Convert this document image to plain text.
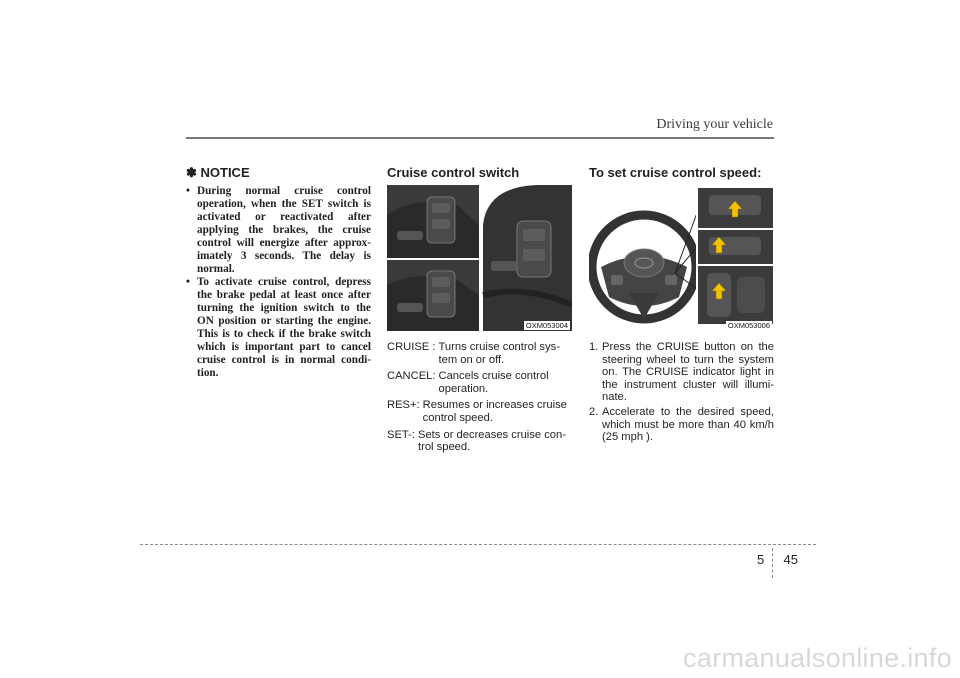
Driving your vehicle
✽ NOTICE
• During normal cruise control operation, when the SET switch is activated or reactivated after applying the brakes, the cruise control will energize after approx- imately 3 seconds. The delay is normal.
• To activate cruise control, depress the brake pedal at least once after turning the ignition switch to the ON position or starting the engine. This is to check if the brake switch which is important part to cancel cruise control is in normal condi- tion.
Cruise control switch
OXM053004
CRUISE : Turns cruise control sys- tem on or off.
CANCEL: Cancels cruise control operation.
RES+: Resumes or increases cruise control speed.
SET-: Sets or decreases cruise con- trol speed.
To set cruise control speed:
OXM053006
1. Press the CRUISE button on the steering wheel to turn the system on. The CRUISE indicator light in the instrument cluster will illumi- nate.
2. Accelerate to the desired speed, which must be more than 40 km/h (25 mph ).
5 45
carmanualsonline.info
